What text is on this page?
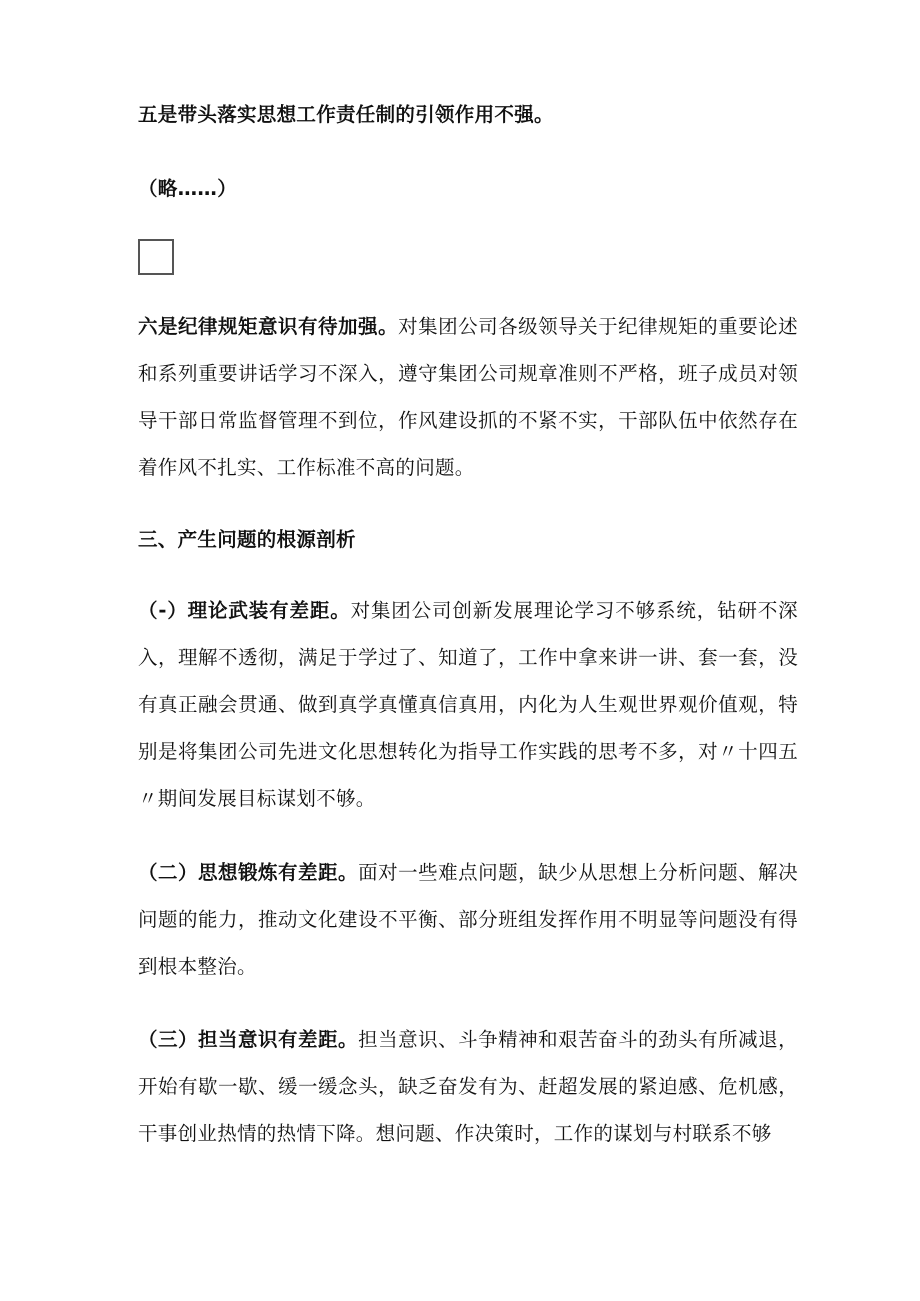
五是带头落实思想工作责任制的引领作用不强。

（略……）

六是纪律规矩意识有待加强。对集团公司各级领导关于纪律规矩的重要论述和系列重要讲话学习不深入，遵守集团公司规章准则不严格，班子成员对领导干部日常监督管理不到位，作风建设抓的不紧不实，干部队伍中依然存在着作风不扎实、工作标准不高的问题。

三、产生问题的根源剖析

（-）理论武装有差距。对集团公司创新发展理论学习不够系统，钻研不深入，理解不透彻，满足于学过了、知道了，工作中拿来讲一讲、套一套，没有真正融会贯通、做到真学真懂真信真用，内化为人生观世界观价值观，特别是将集团公司先进文化思想转化为指导工作实践的思考不多，对〃十四五〃期间发展目标谋划不够。

（二）思想锻炼有差距。面对一些难点问题，缺少从思想上分析问题、解决问题的能力，推动文化建设不平衡、部分班组发挥作用不明显等问题没有得到根本整治。

（三）担当意识有差距。担当意识、斗争精神和艰苦奋斗的劲头有所减退，开始有歇一歇、缓一缓念头，缺乏奋发有为、赶超发展的紧迫感、危机感，干事创业热情的热情下降。想问题、作决策时，工作的谋划与村联系不够
